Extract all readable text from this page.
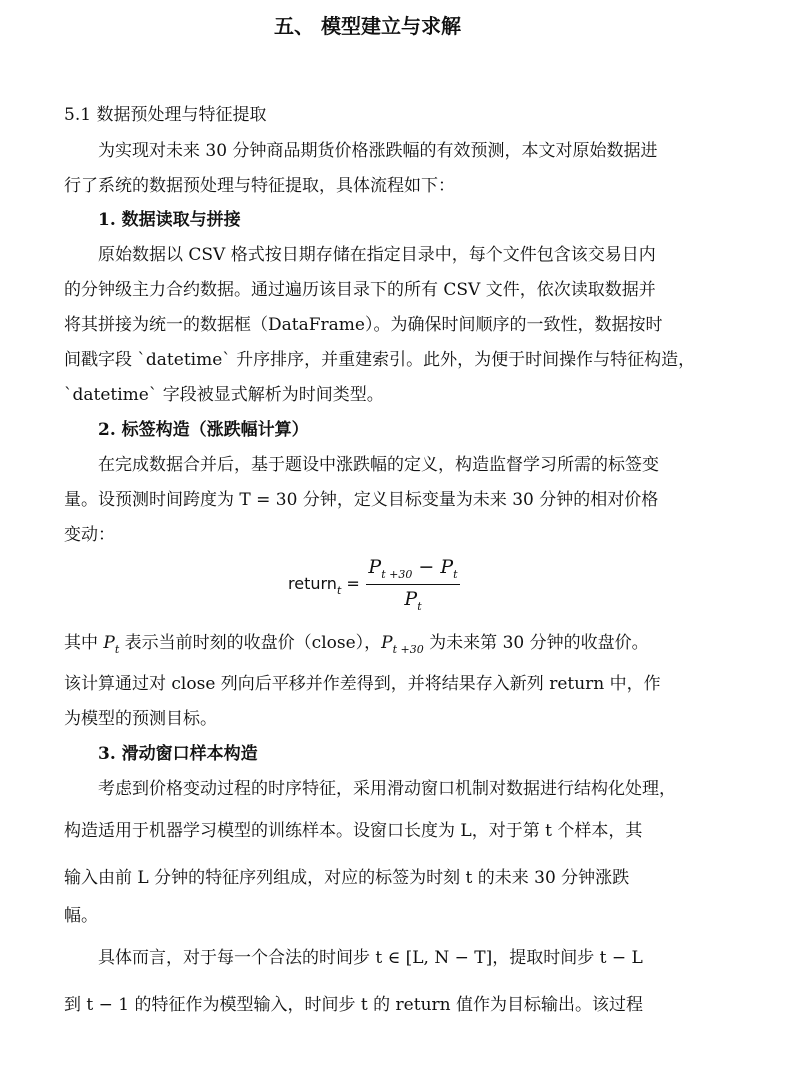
五、 模型建立与求解
5.1 数据预处理与特征提取
为实现对未来 30 分钟商品期货价格涨跌幅的有效预测，本文对原始数据进
行了系统的数据预处理与特征提取，具体流程如下：
1. 数据读取与拼接
原始数据以 CSV 格式按日期存储在指定目录中，每个文件包含该交易日内
的分钟级主力合约数据。通过遍历该目录下的所有 CSV 文件，依次读取数据并
将其拼接为统一的数据框（DataFrame）。为确保时间顺序的一致性，数据按时
间戳字段 `datetime` 升序排序，并重建索引。此外，为便于时间操作与特征构造，
`datetime` 字段被显式解析为时间类型。
2. 标签构造（涨跌幅计算）
在完成数据合并后，基于题设中涨跌幅的定义，构造监督学习所需的标签变
量。设预测时间跨度为 T = 30 分钟，定义目标变量为未来 30 分钟的相对价格
变动：
return$_t$ =
$P_{t +30} - P_t$
$P_t$
其中 $P_t$ 表示当前时刻的收盘价（close），$P_{t +30}$ 为未来第 30 分钟的收盘价。
该计算通过对 close 列向后平移并作差得到，并将结果存入新列 return 中，作
为模型的预测目标。
3. 滑动窗口样本构造
考虑到价格变动过程的时序特征，采用滑动窗口机制对数据进行结构化处理，
构造适用于机器学习模型的训练样本。设窗口长度为 L，对于第 t 个样本，其
输入由前 L 分钟的特征序列组成，对应的标签为时刻 t 的未来 30 分钟涨跌
幅。
具体而言，对于每一个合法的时间步 t ∈ [L, N − T]，提取时间步 t − L
到 t − 1 的特征作为模型输入，时间步 t 的 return 值作为目标输出。该过程
